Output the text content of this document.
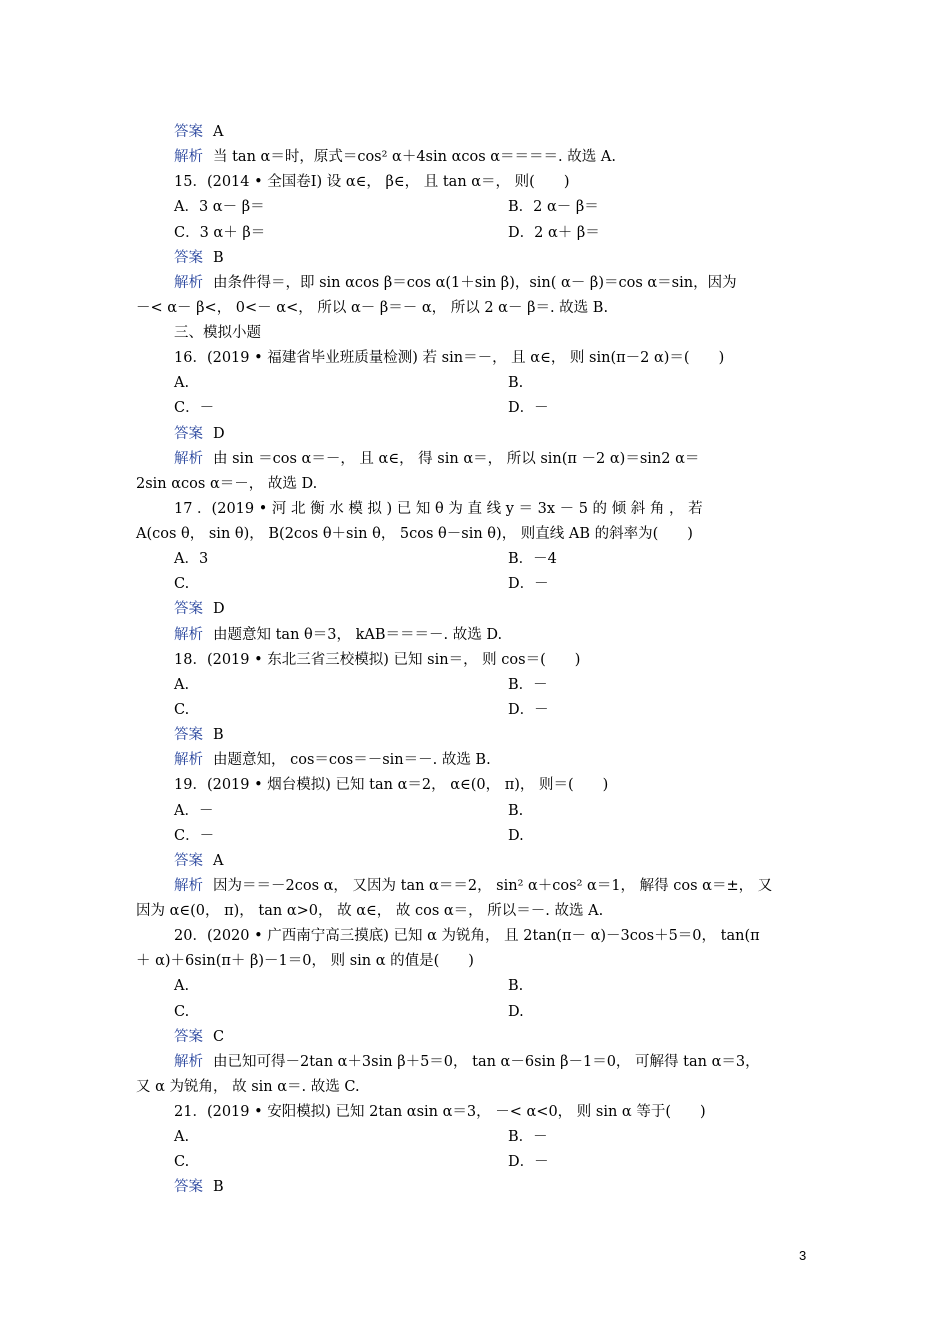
答案 A
解析 当 tan α＝时，原式＝cos² α＋4sin αcos α＝＝＝＝. 故选 A.
15．(2014 • 全国卷Ⅰ) 设 α∈， β∈， 且 tan α＝， 则(　　)
A．3 α－ β＝	B．2 α－ β＝
C．3 α＋ β＝	D．2 α＋ β＝
答案 B
解析 由条件得＝，即 sin αcos β＝cos α(1＋sin β)，sin( α－ β)＝cos α＝sin，因为
－< α－ β<， 0<－ α<， 所以 α－ β＝－ α， 所以 2 α－ β＝. 故选 B.
三、模拟小题
16．(2019 • 福建省毕业班质量检测) 若 sin＝－， 且 α∈， 则 sin(π－2 α)＝(　　)
A.	B.
C．－	D．－
答案 D
解析 由 sin ＝cos α＝－， 且 α∈， 得 sin α＝， 所以 sin(π －2 α)＝sin2 α＝
2sin αcos α＝－， 故选 D.
17 ．(2019 • 河 北 衡 水 模 拟 ) 已 知 θ 为 直 线 y ＝ 3x － 5 的 倾 斜 角 ， 若
A(cos θ， sin θ)， B(2cos θ＋sin θ， 5cos θ－sin θ)， 则直线 AB 的斜率为(　　)
A．3	B．－4
C.	D．－
答案 D
解析 由题意知 tan θ＝3， kAB＝＝＝－. 故选 D.
18．(2019 • 东北三省三校模拟) 已知 sin＝， 则 cos＝(　　)
A.	B．－
C.	D．－
答案 B
解析 由题意知， cos＝cos＝－sin＝－. 故选 B.
19．(2019 • 烟台模拟) 已知 tan α＝2， α∈(0， π)， 则＝(　　)
A．－	B.
C．－	D.
答案 A
解析 因为＝＝－2cos α， 又因为 tan α＝＝2， sin² α＋cos² α＝1， 解得 cos α＝±， 又
因为 α∈(0， π)， tan α>0， 故 α∈， 故 cos α＝， 所以＝－. 故选 A.
20．(2020 • 广西南宁高三摸底) 已知 α 为锐角， 且 2tan(π－ α)－3cos＋5＝0， tan(π
＋ α)＋6sin(π＋ β)－1＝0， 则 sin α 的值是(　　)
A.	B.
C.	D.
答案 C
解析 由已知可得－2tan α＋3sin β＋5＝0， tan α－6sin β－1＝0， 可解得 tan α＝3，
又 α 为锐角， 故 sin α＝. 故选 C.
21．(2019 • 安阳模拟) 已知 2tan αsin α＝3， －< α<0， 则 sin α 等于(　　)
A.	B．－
C.	D．－
答案 B
3
